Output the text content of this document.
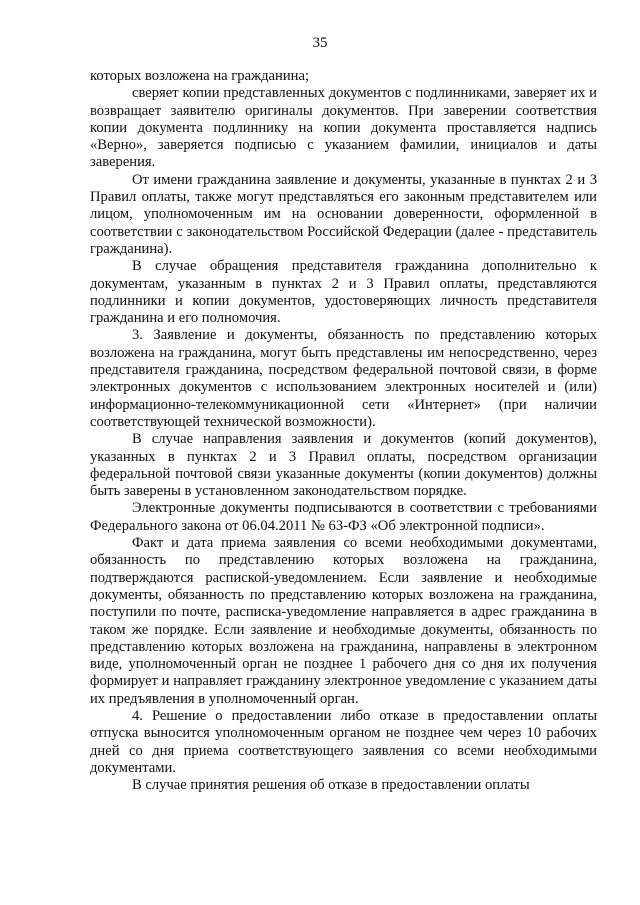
35

которых возложена на гражданина;

сверяет копии представленных документов с подлинниками, заверяет их и возвращает заявителю оригиналы документов. При заверении соответствия копии документа подлиннику на копии документа проставляется надпись «Верно», заверяется подписью с указанием фамилии, инициалов и даты заверения.

От имени гражданина заявление и документы, указанные в пунктах 2 и 3 Правил оплаты, также могут представляться его законным представителем или лицом, уполномоченным им на основании доверенности, оформленной в соответствии с законодательством Российской Федерации (далее - представитель гражданина).

В случае обращения представителя гражданина дополнительно к документам, указанным в пунктах 2 и 3 Правил оплаты, представляются подлинники и копии документов, удостоверяющих личность представителя гражданина и его полномочия.

3. Заявление и документы, обязанность по представлению которых возложена на гражданина, могут быть представлены им непосредственно, через представителя гражданина, посредством федеральной почтовой связи, в форме электронных документов с использованием электронных носителей и (или) информационно-телекоммуникационной сети «Интернет» (при наличии соответствующей технической возможности).

В случае направления заявления и документов (копий документов), указанных в пунктах 2 и 3 Правил оплаты, посредством организации федеральной почтовой связи указанные документы (копии документов) должны быть заверены в установленном законодательством порядке.

Электронные документы подписываются в соответствии с требованиями Федерального закона от 06.04.2011 № 63-ФЗ «Об электронной подписи».

Факт и дата приема заявления со всеми необходимыми документами, обязанность по представлению которых возложена на гражданина, подтверждаются распиской-уведомлением. Если заявление и необходимые документы, обязанность по представлению которых возложена на гражданина, поступили по почте, расписка-уведомление направляется в адрес гражданина в таком же порядке. Если заявление и необходимые документы, обязанность по представлению которых возложена на гражданина, направлены в электронном виде, уполномоченный орган не позднее 1 рабочего дня со дня их получения формирует и направляет гражданину электронное уведомление с указанием даты их предъявления в уполномоченный орган.

4. Решение о предоставлении либо отказе в предоставлении оплаты отпуска выносится уполномоченным органом не позднее чем через 10 рабочих дней со дня приема соответствующего заявления со всеми необходимыми документами.

В случае принятия решения об отказе в предоставлении оплаты
